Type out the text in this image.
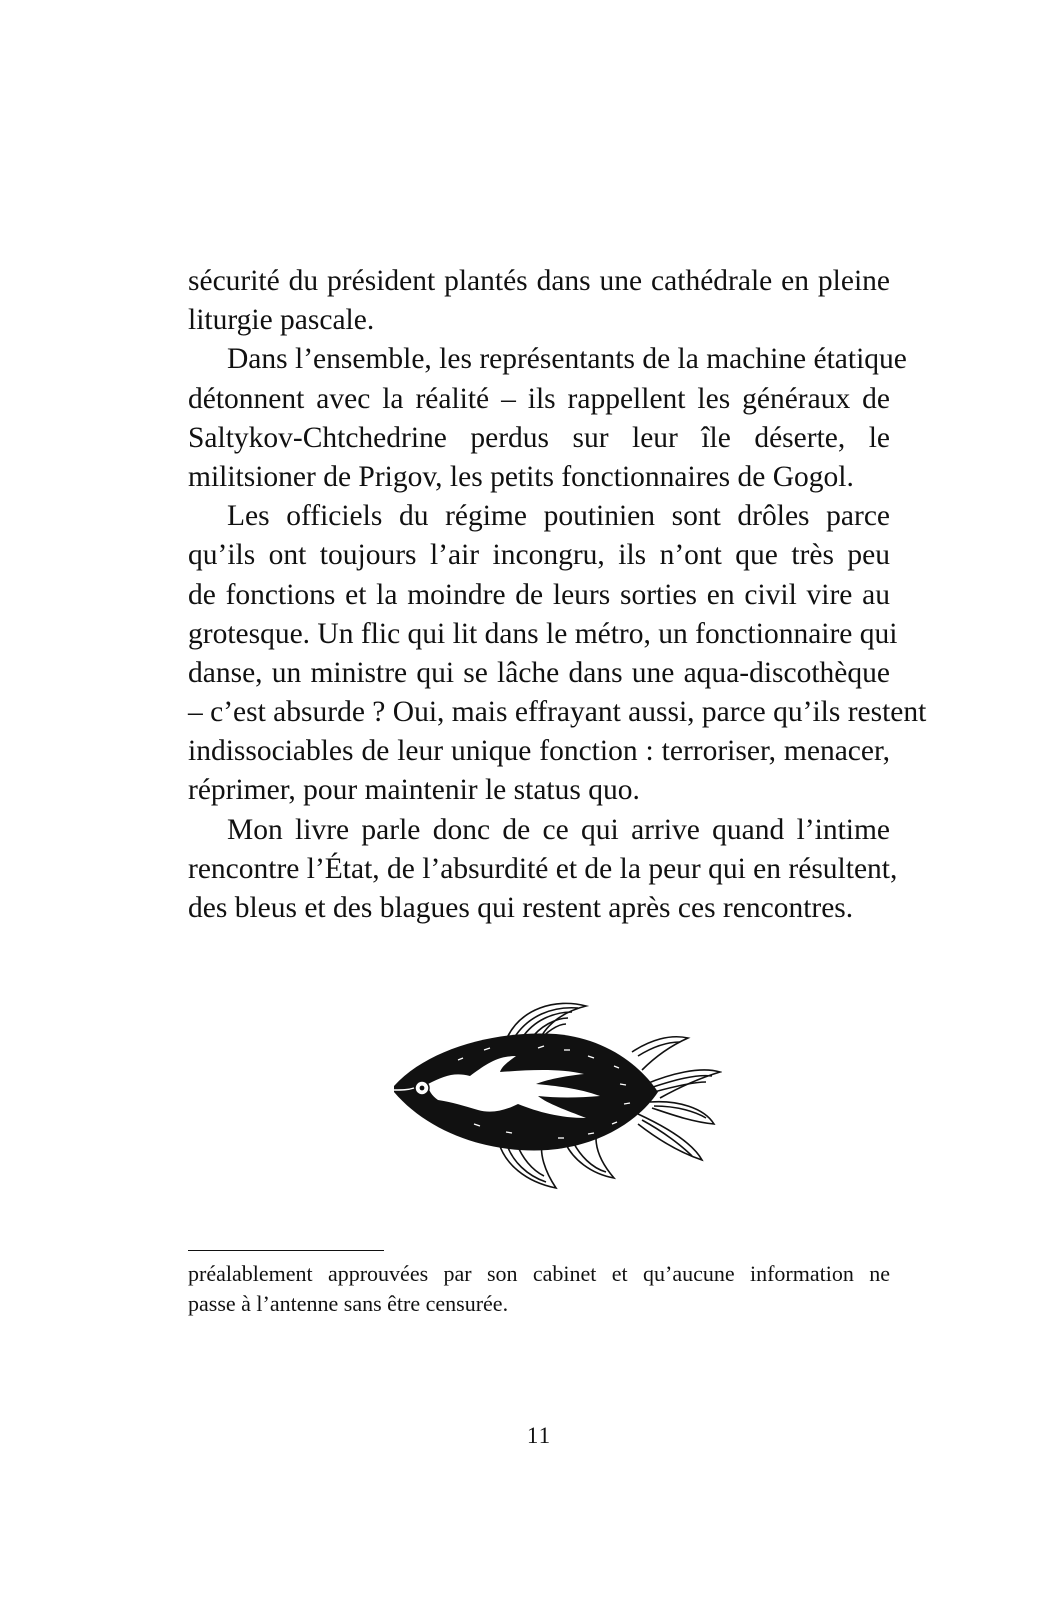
sécurité du président plantés dans une cathédrale en pleine
liturgie pascale.
Dans l’ensemble, les représentants de la machine étatique
détonnent avec la réalité – ils rappellent les généraux de
Saltykov-Chtchedrine perdus sur leur île déserte, le
militsioner de Prigov, les petits fonctionnaires de Gogol.
Les officiels du régime poutinien sont drôles parce
qu’ils ont toujours l’air incongru, ils n’ont que très peu
de fonctions et la moindre de leurs sorties en civil vire au
grotesque. Un flic qui lit dans le métro, un fonctionnaire qui
danse, un ministre qui se lâche dans une aqua-discothèque
– c’est absurde ? Oui, mais effrayant aussi, parce qu’ils restent
indissociables de leur unique fonction : terroriser, menacer,
réprimer, pour maintenir le status quo.
Mon livre parle donc de ce qui arrive quand l’intime
rencontre l’État, de l’absurdité et de la peur qui en résultent,
des bleus et des blagues qui restent après ces rencontres.
préalablement approuvées par son cabinet et qu’aucune information ne
passe à l’antenne sans être censurée.
11
